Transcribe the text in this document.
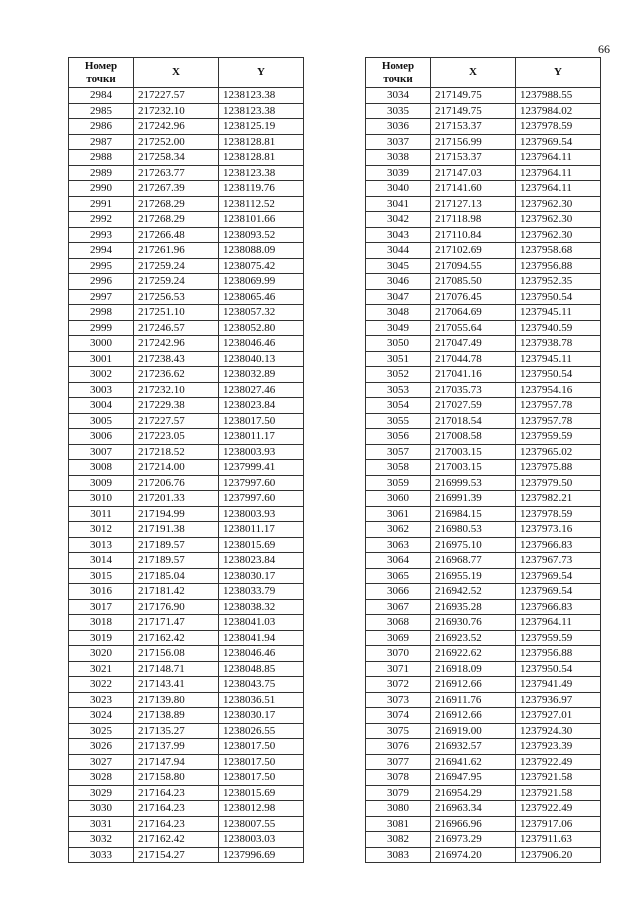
66
Номер точки	X	Y
2984	217227.57	1238123.38
2985	217232.10	1238123.38
2986	217242.96	1238125.19
2987	217252.00	1238128.81
2988	217258.34	1238128.81
2989	217263.77	1238123.38
2990	217267.39	1238119.76
2991	217268.29	1238112.52
2992	217268.29	1238101.66
2993	217266.48	1238093.52
2994	217261.96	1238088.09
2995	217259.24	1238075.42
2996	217259.24	1238069.99
2997	217256.53	1238065.46
2998	217251.10	1238057.32
2999	217246.57	1238052.80
3000	217242.96	1238046.46
3001	217238.43	1238040.13
3002	217236.62	1238032.89
3003	217232.10	1238027.46
3004	217229.38	1238023.84
3005	217227.57	1238017.50
3006	217223.05	1238011.17
3007	217218.52	1238003.93
3008	217214.00	1237999.41
3009	217206.76	1237997.60
3010	217201.33	1237997.60
3011	217194.99	1238003.93
3012	217191.38	1238011.17
3013	217189.57	1238015.69
3014	217189.57	1238023.84
3015	217185.04	1238030.17
3016	217181.42	1238033.79
3017	217176.90	1238038.32
3018	217171.47	1238041.03
3019	217162.42	1238041.94
3020	217156.08	1238046.46
3021	217148.71	1238048.85
3022	217143.41	1238043.75
3023	217139.80	1238036.51
3024	217138.89	1238030.17
3025	217135.27	1238026.55
3026	217137.99	1238017.50
3027	217147.94	1238017.50
3028	217158.80	1238017.50
3029	217164.23	1238015.69
3030	217164.23	1238012.98
3031	217164.23	1238007.55
3032	217162.42	1238003.03
3033	217154.27	1237996.69
Номер точки	X	Y
3034	217149.75	1237988.55
3035	217149.75	1237984.02
3036	217153.37	1237978.59
3037	217156.99	1237969.54
3038	217153.37	1237964.11
3039	217147.03	1237964.11
3040	217141.60	1237964.11
3041	217127.13	1237962.30
3042	217118.98	1237962.30
3043	217110.84	1237962.30
3044	217102.69	1237958.68
3045	217094.55	1237956.88
3046	217085.50	1237952.35
3047	217076.45	1237950.54
3048	217064.69	1237945.11
3049	217055.64	1237940.59
3050	217047.49	1237938.78
3051	217044.78	1237945.11
3052	217041.16	1237950.54
3053	217035.73	1237954.16
3054	217027.59	1237957.78
3055	217018.54	1237957.78
3056	217008.58	1237959.59
3057	217003.15	1237965.02
3058	217003.15	1237975.88
3059	216999.53	1237979.50
3060	216991.39	1237982.21
3061	216984.15	1237978.59
3062	216980.53	1237973.16
3063	216975.10	1237966.83
3064	216968.77	1237967.73
3065	216955.19	1237969.54
3066	216942.52	1237969.54
3067	216935.28	1237966.83
3068	216930.76	1237964.11
3069	216923.52	1237959.59
3070	216922.62	1237956.88
3071	216918.09	1237950.54
3072	216912.66	1237941.49
3073	216911.76	1237936.97
3074	216912.66	1237927.01
3075	216919.00	1237924.30
3076	216932.57	1237923.39
3077	216941.62	1237922.49
3078	216947.95	1237921.58
3079	216954.29	1237921.58
3080	216963.34	1237922.49
3081	216966.96	1237917.06
3082	216973.29	1237911.63
3083	216974.20	1237906.20
